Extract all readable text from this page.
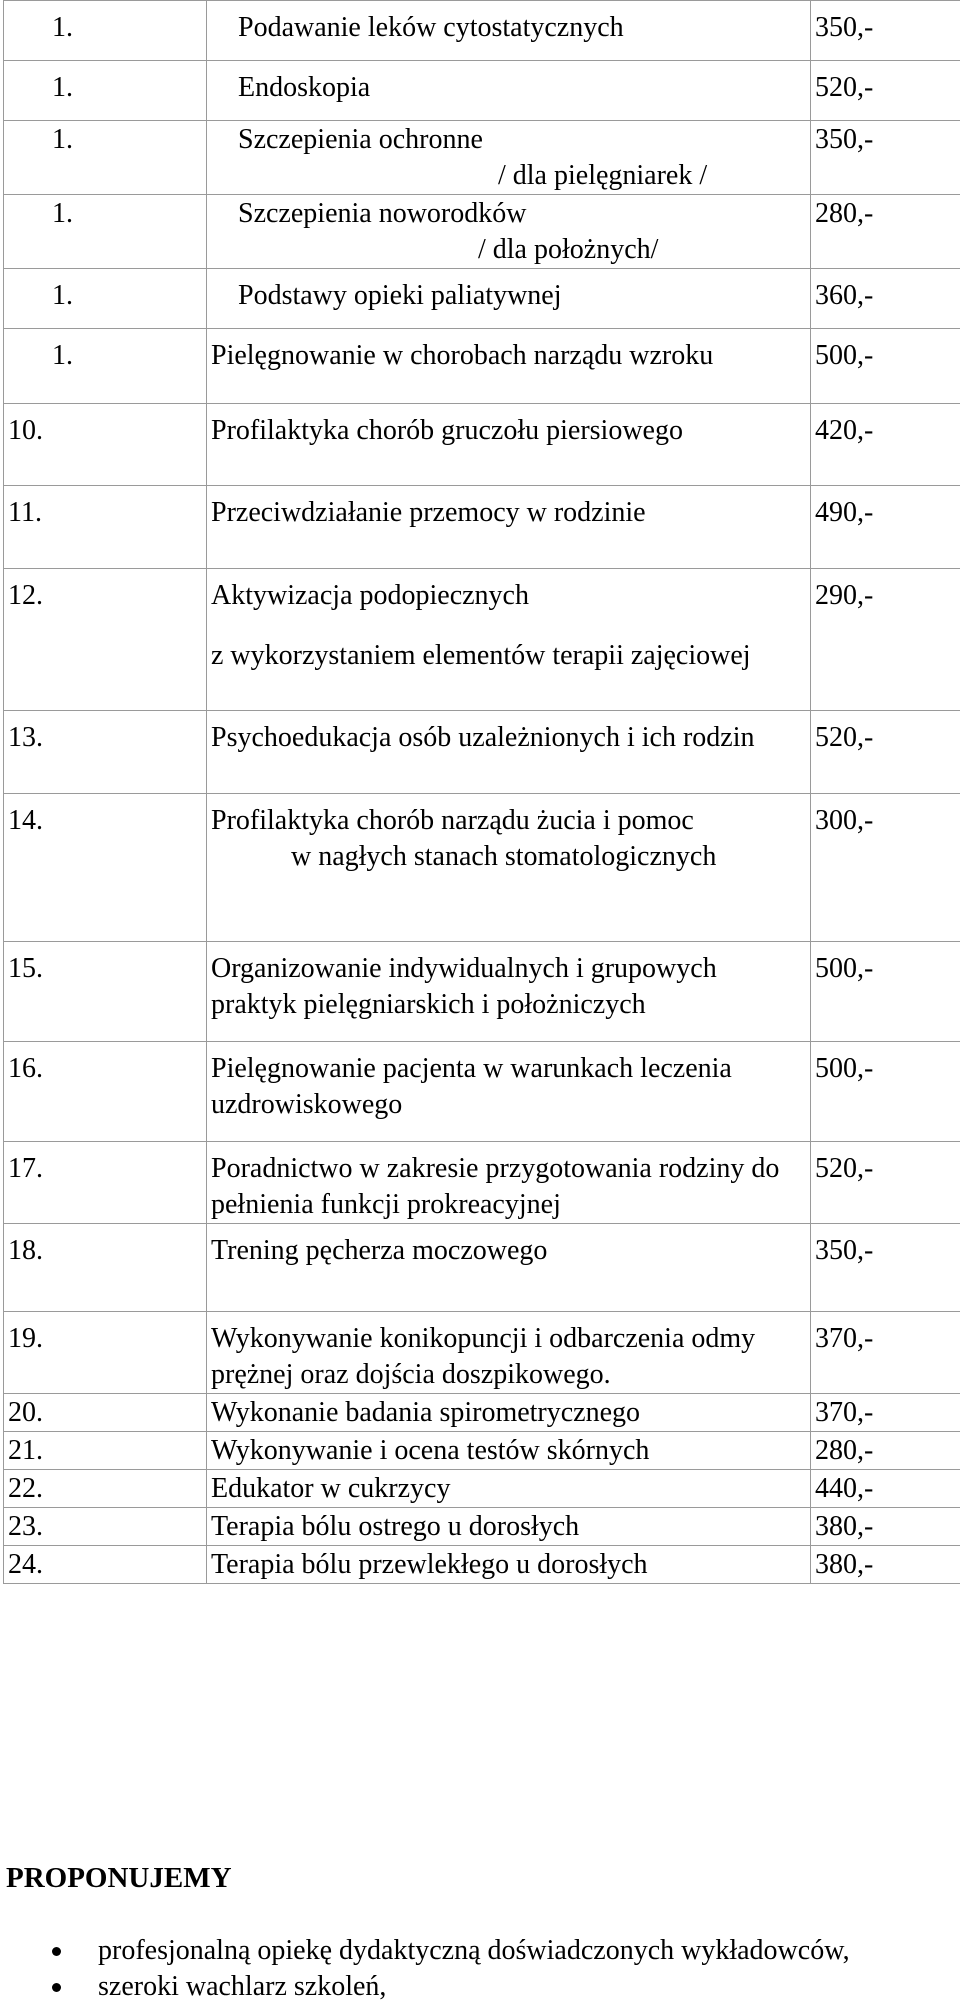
1.	Podawanie leków cytostatycznych	350,-
1.	Endoskopia	520,-
1.	Szczepienia ochronne
/ dla pielęgniarek /	350,-
1.	Szczepienia noworodków
/ dla położnych/	280,-
1.	Podstawy opieki paliatywnej	360,-
1.	Pielęgnowanie w chorobach narządu wzroku	500,-
10.	Profilaktyka chorób gruczołu piersiowego	420,-
11.	Przeciwdziałanie przemocy w rodzinie	490,-
12.	Aktywizacja podopiecznych
z wykorzystaniem elementów terapii zajęciowej	290,-
13.	Psychoedukacja osób uzależnionych i ich rodzin	520,-
14.	Profilaktyka chorób narządu żucia i pomoc
w nagłych stanach stomatologicznych	300,-
15.	Organizowanie indywidualnych i grupowych praktyk pielęgniarskich i położniczych	500,-
16.	Pielęgnowanie pacjenta w warunkach leczenia uzdrowiskowego	500,-
17.	Poradnictwo w zakresie przygotowania rodziny do pełnienia funkcji prokreacyjnej	520,-
18.	Trening pęcherza moczowego	350,-
19.	Wykonywanie konikopuncji i odbarczenia odmy prężnej oraz dojścia doszpikowego.	370,-
20.	Wykonanie badania spirometrycznego	370,-
21.	Wykonywanie i ocena testów skórnych	280,-
22.	Edukator w cukrzycy	440,-
23.	Terapia bólu ostrego u dorosłych	380,-
24.	Terapia bólu przewlekłego u dorosłych	380,-
PROPONUJEMY
profesjonalną opiekę dydaktyczną doświadczonych wykładowców,
szeroki wachlarz szkoleń,
